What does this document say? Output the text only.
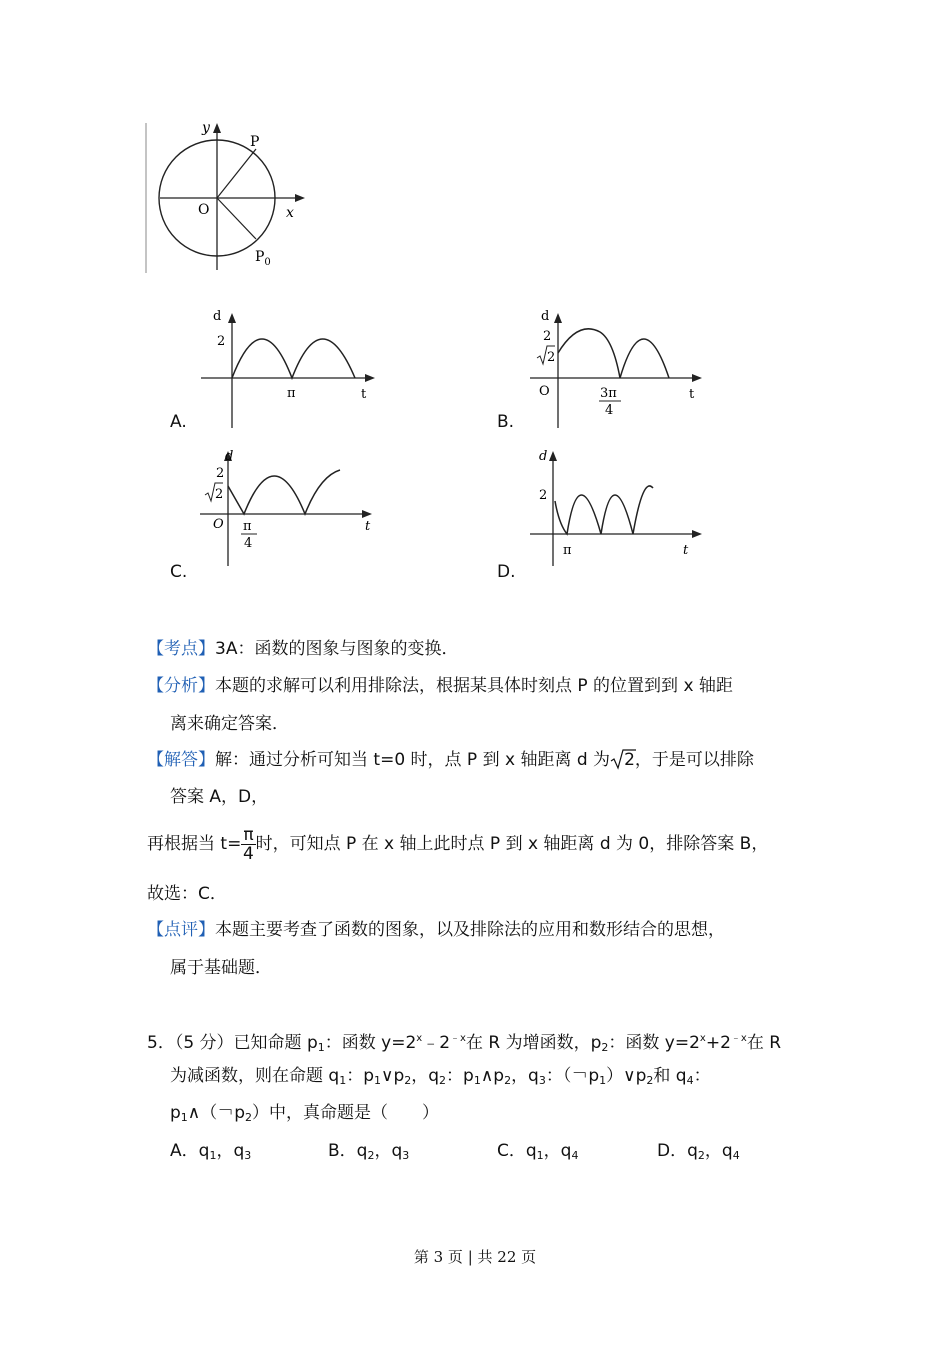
y
x
O
P
$P_0$
d
2
π	t
A.
d
2
2
O	3π
4
t
B.
d
2
2
O π
4
t
C.
d
2
π	t
D.
【考点】3A：函数的图象与图象的变换．
【分析】本题的求解可以利用排除法，根据某具体时刻点 P 的位置到到 x 轴距
离来确定答案．
【解答】解：通过分析可知当 t=0 时，点 P 到 x 轴距离 d 为 2，于是可以排除
答案 A，D，
再根据当 $t= \frac{\pi}{4}$ 时，可知点 P 在 x 轴上此时点 P 到 x 轴距离 d 为 0，排除答案 B，
故选：C．
【点评】本题主要考查了函数的图象，以及排除法的应用和数形结合的思想，
属于基础题．
5．（5 分）已知命题 $p_1$：函数 $y=2^x﹣2^{﹣x}$在 R 为增函数，$p_2$：函数 $y=2^x+2^{﹣x}$在 R
为减函数，则在命题 $q_1$：$p_1\vee p_2$，$q_2$：$p_1\wedge p_2$，$q_3$：（￢$p_1)\vee p_2$和 $q_4$：
$p_1\wedge$（￢$p_2$）中，真命题是（　　）
A．$q_1$，$q_3$	B．$q_2$，$q_3$	C．$q_1$，$q_4$	D．$q_2$，$q_4$
第 3 页 | 共 22 页
